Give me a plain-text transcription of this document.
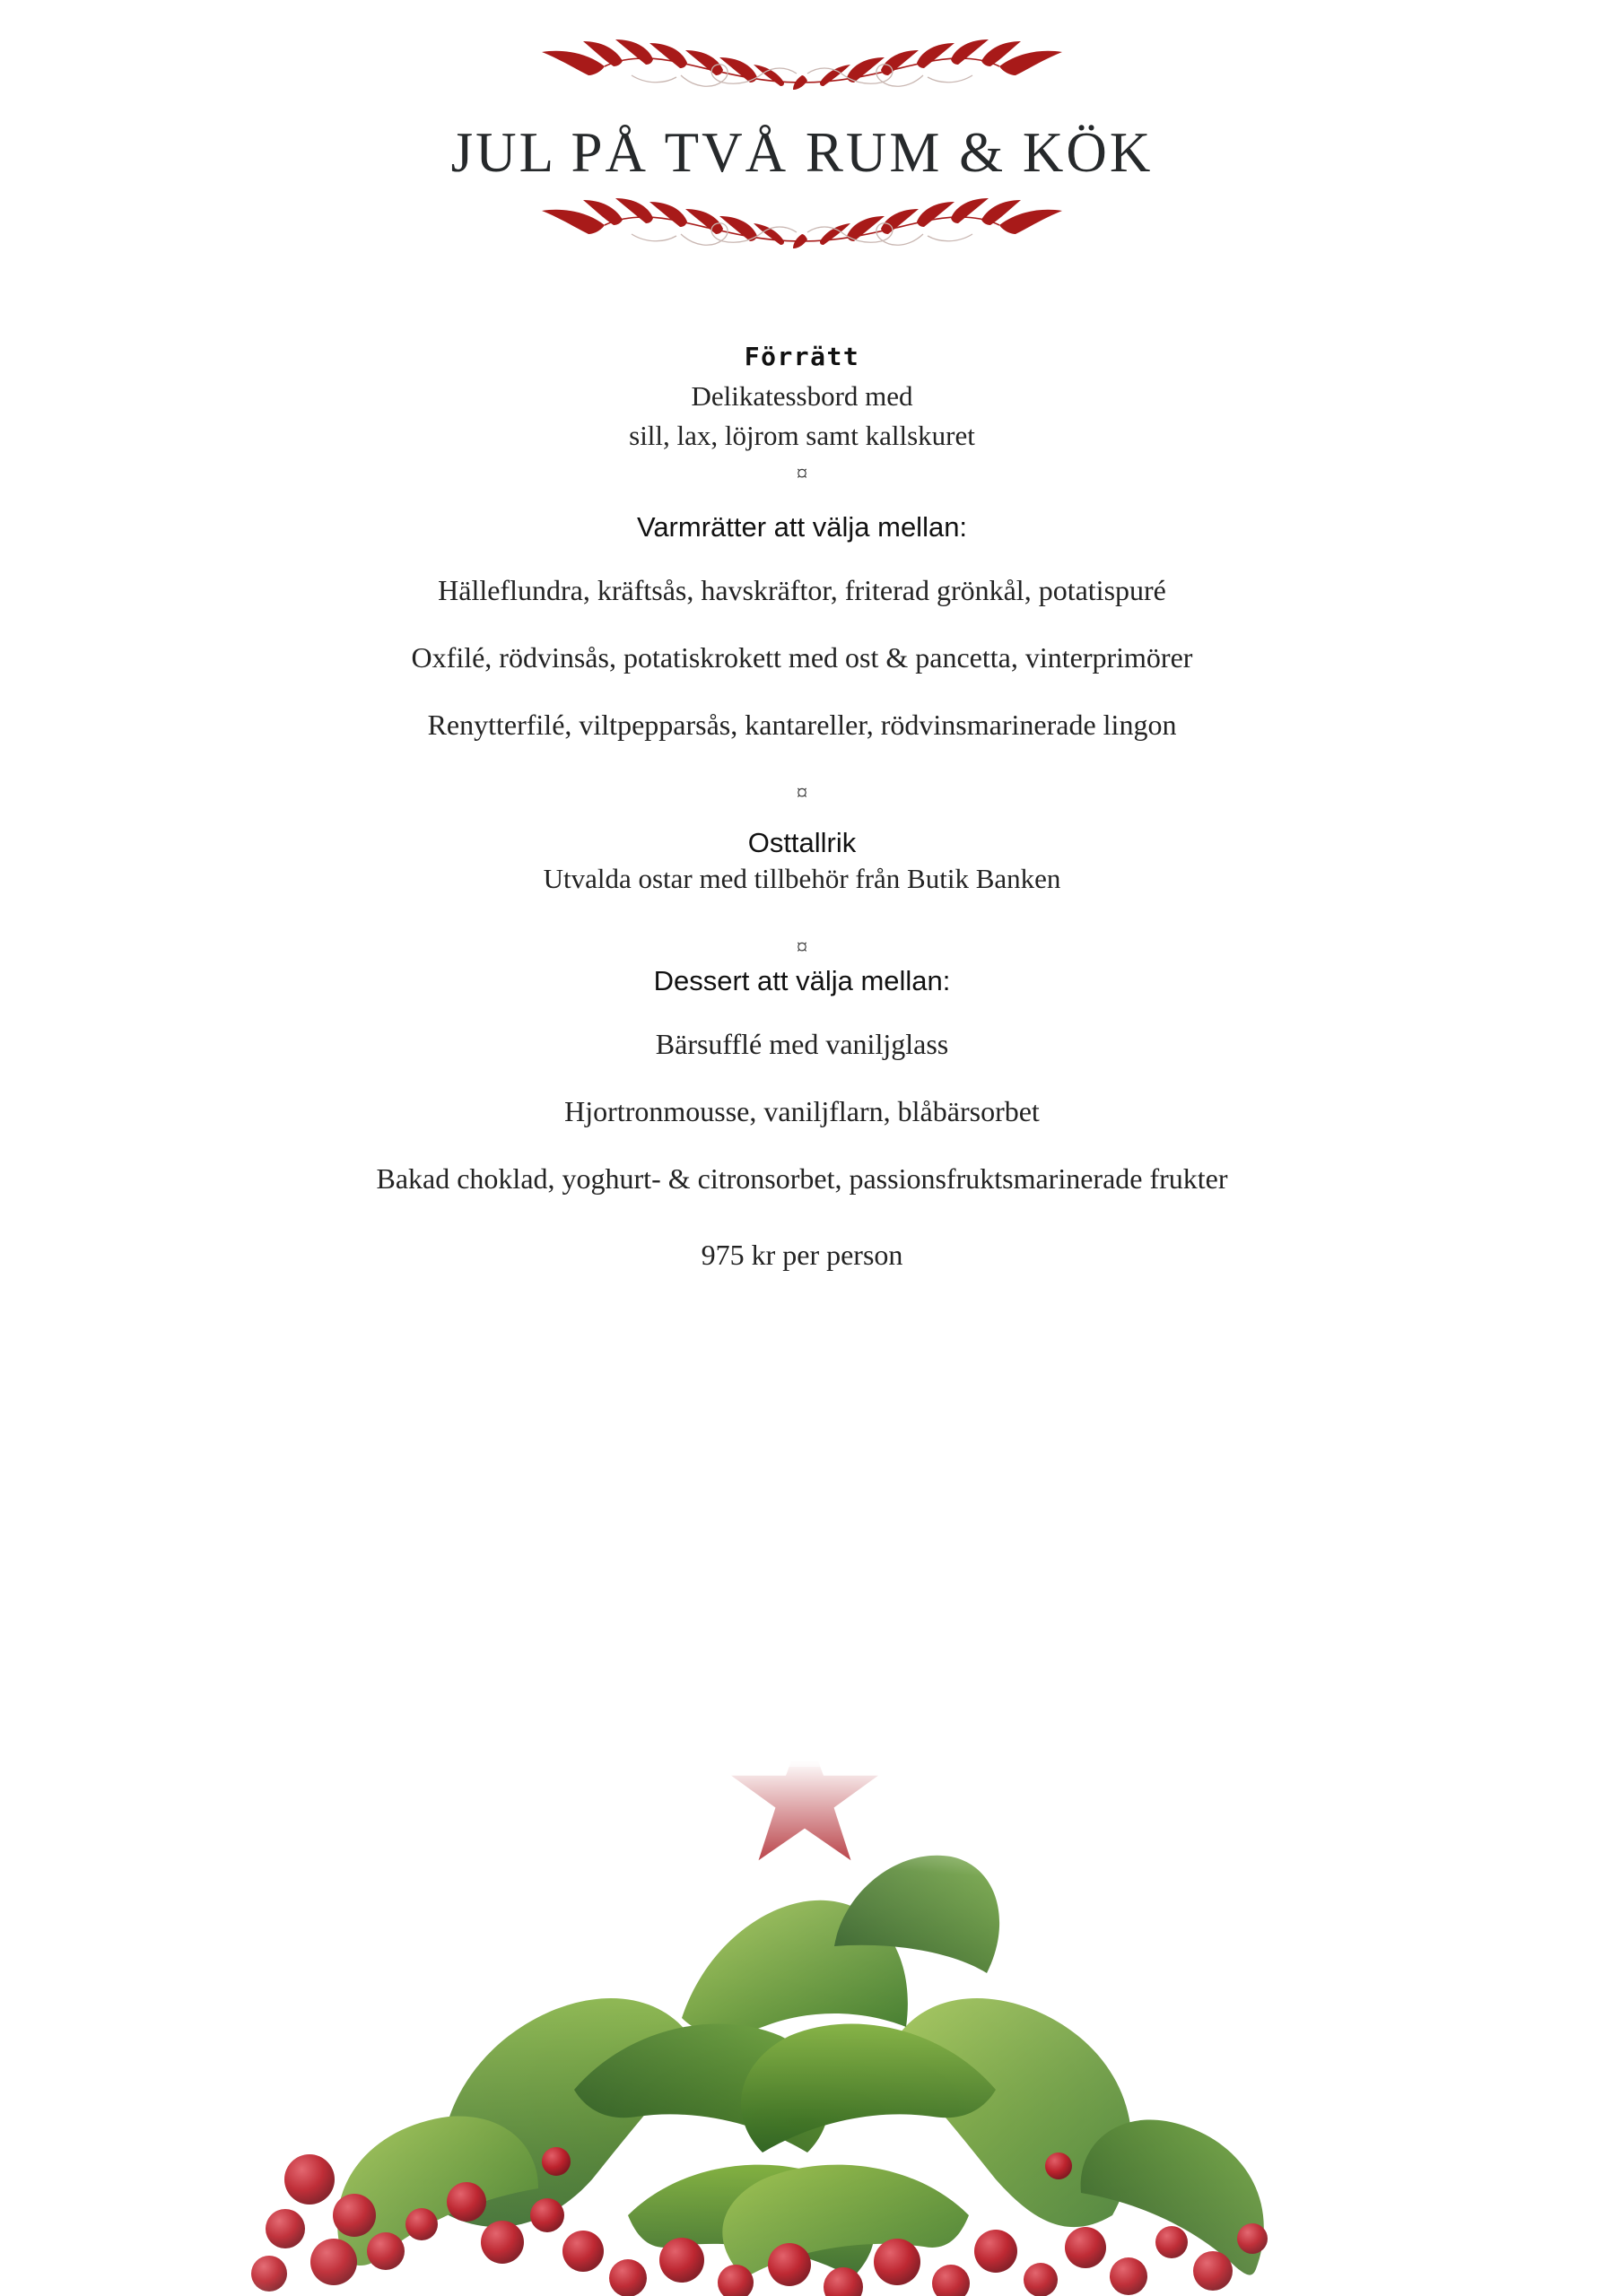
JUL PÅ TVÅ RUM & KÖK
Förrätt
Delikatessbord med
sill, lax, löjrom samt kallskuret
¤
Varmrätter att välja mellan:
Hälleflundra, kräftsås, havskräftor, friterad grönkål, potatispuré
Oxfilé, rödvinsås, potatiskrokett med ost & pancetta, vinterprimörer
Renytterfilé, viltpepparsås, kantareller, rödvinsmarinerade lingon
¤
Osttallrik
Utvalda ostar med tillbehör från Butik Banken
¤
Dessert att välja mellan:
Bärsufflé med vaniljglass
Hjortronmousse, vaniljflarn, blåbärsorbet
Bakad choklad, yoghurt- & citronsorbet, passionsfruktsmarinerade frukter
975 kr per person
